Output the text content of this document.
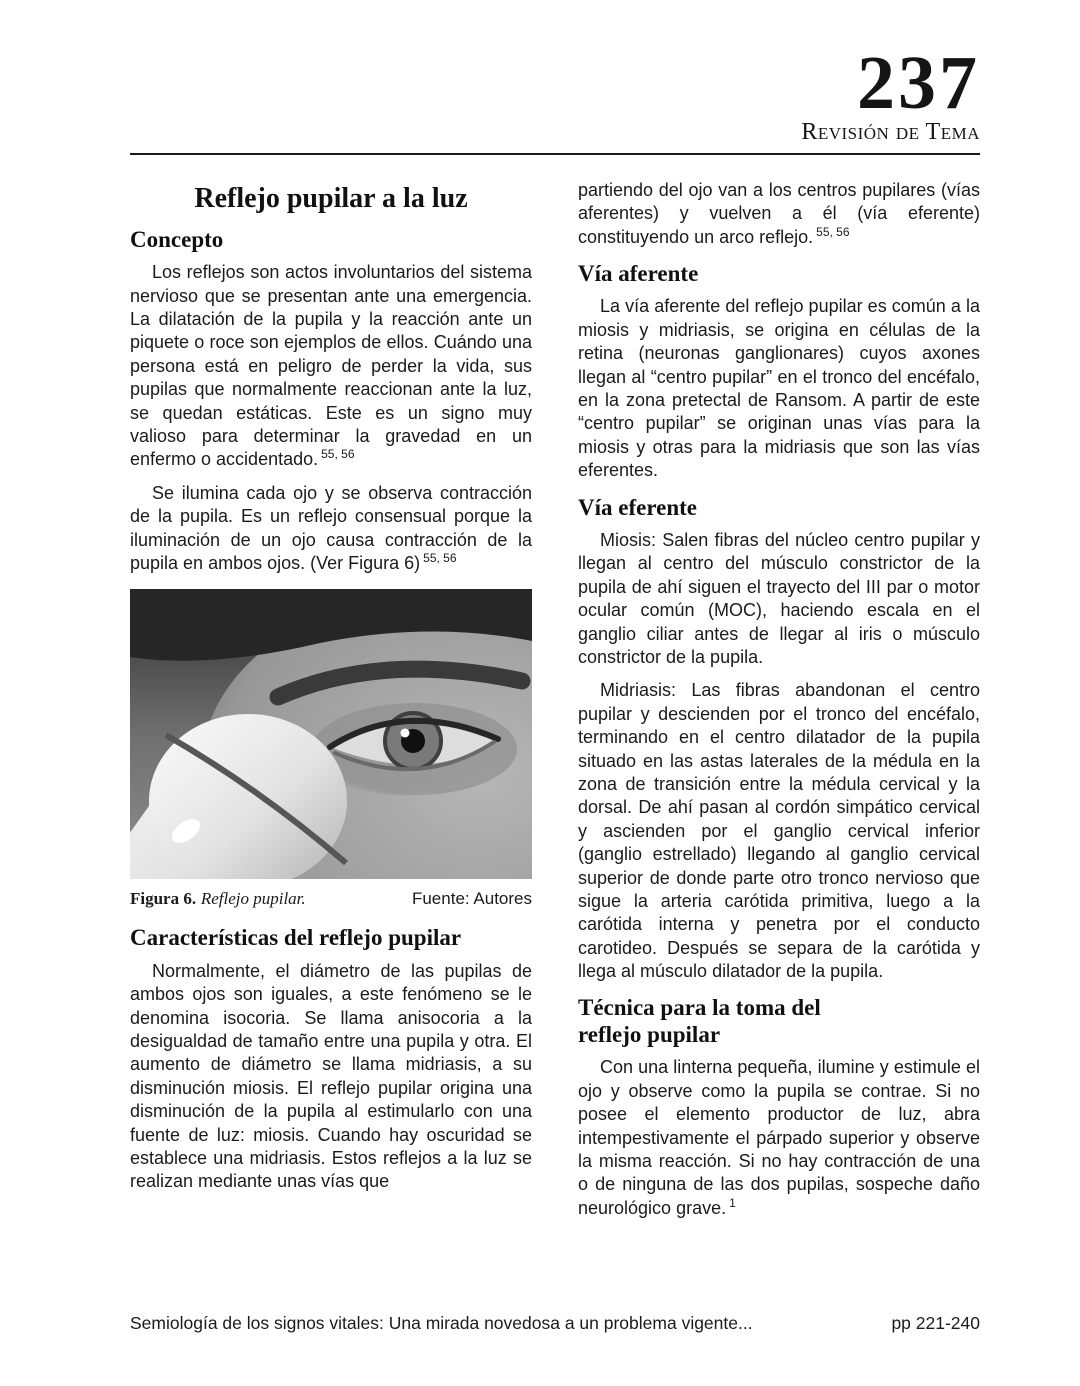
237
Revisión de Tema
Reflejo pupilar a la luz
Concepto

Los reflejos son actos involuntarios del sistema nervioso que se presentan ante una emergencia. La dilatación de la pupila y la reacción ante un piquete o roce son ejemplos de ellos. Cuándo una persona está en peligro de perder la vida, sus pupilas que normalmente reaccionan ante la luz, se quedan estáticas. Este es un signo muy valioso para determinar la gravedad en un enfermo o accidentado. $^{55, 56}$

Se ilumina cada ojo y se observa contracción de la pupila. Es un reflejo consensual porque la iluminación de un ojo causa contracción de la pupila en ambos ojos. (Ver Figura 6) $^{55, 56}$

Figura 6. Reflejo pupilar.	Fuente: Autores
Características del reflejo pupilar

Normalmente, el diámetro de las pupilas de ambos ojos son iguales, a este fenómeno se le denomina isocoria. Se llama anisocoria a la desigualdad de tamaño entre una pupila y otra. El aumento de diámetro se llama midriasis, a su disminución miosis. El reflejo pupilar origina una disminución de la pupila al estimularlo con una fuente de luz: miosis. Cuando hay oscuridad se establece una midriasis. Estos reflejos a la luz se realizan mediante unas vías que

partiendo del ojo van a los centros pupilares (vías aferentes) y vuelven a él (vía eferente) constituyendo un arco reflejo. $^{55, 56}$

Vía aferente

La vía aferente del reflejo pupilar es común a la miosis y midriasis, se origina en células de la retina (neuronas ganglionares) cuyos axones llegan al “centro pupilar” en el tronco del encéfalo, en la zona pretectal de Ransom. A partir de este “centro pupilar” se originan unas vías para la miosis y otras para la midriasis que son las vías eferentes.

Vía eferente

Miosis: Salen fibras del núcleo centro pupilar y llegan al centro del músculo constrictor de la pupila de ahí siguen el trayecto del III par o motor ocular común (MOC), haciendo escala en el ganglio ciliar antes de llegar al iris o músculo constrictor de la pupila.

Midriasis: Las fibras abandonan el centro pupilar y descienden por el tronco del encéfalo, terminando en el centro dilatador de la pupila situado en las astas laterales de la médula en la zona de transición entre la médula cervical y la dorsal. De ahí pasan al cordón simpático cervical y ascienden por el ganglio cervical inferior (ganglio estrellado) llegando al ganglio cervical superior de donde parte otro tronco nervioso que sigue la arteria carótida primitiva, luego a la carótida interna y penetra por el conducto carotideo. Después se separa de la carótida y llega al músculo dilatador de la pupila.

Técnica para la toma del reflejo pupilar

Con una linterna pequeña, ilumine y estimule el ojo y observe como la pupila se contrae. Si no posee el elemento productor de luz, abra intempestivamente el párpado superior y observe la misma reacción. Si no hay contracción de una o de ninguna de las dos pupilas, sospeche daño neurológico grave. $^1$

Semiología de los signos vitales: Una mirada novedosa a un problema vigente...	pp 221-240
